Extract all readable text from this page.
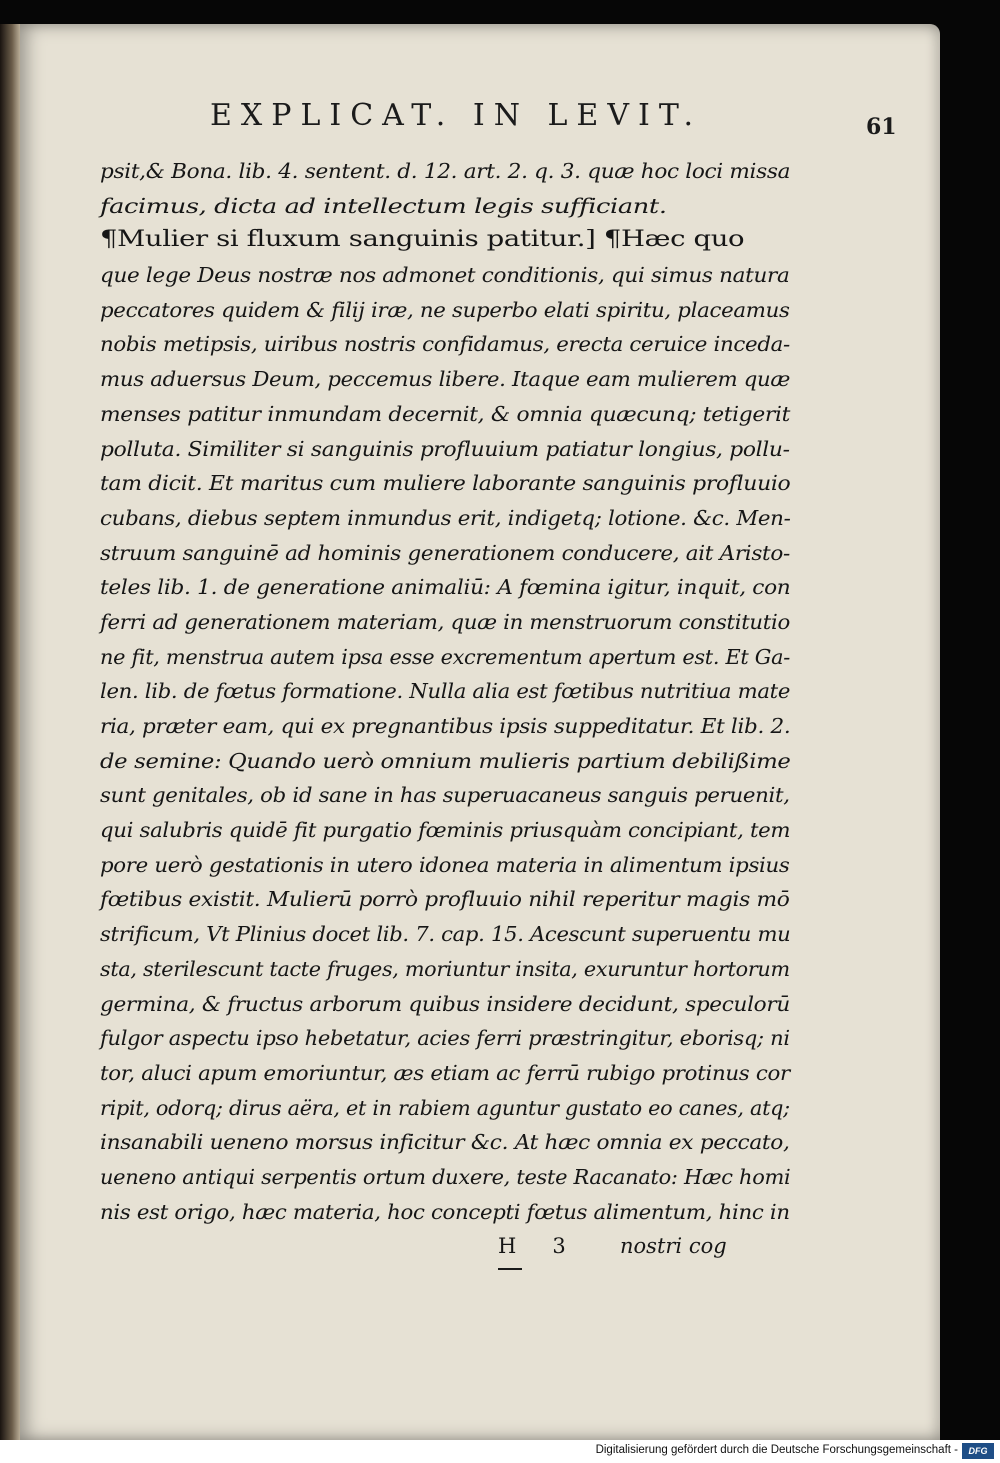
EXPLICAT. IN LEVIT.	61
psit,& Bona. lib. 4. sentent. d. 12. art. 2. q. 3. quæ hoc loci missa
facimus, dicta ad intellectum legis sufficiant.
¶Mulier si fluxum sanguinis patitur.] ¶Hæc quo
que lege Deus nostræ nos admonet conditionis, qui simus natura
peccatores quidem & filij iræ, ne superbo elati spiritu, placeamus
nobis metipsis, uiribus nostris confidamus, erecta ceruice inceda-
mus aduersus Deum, peccemus libere. Itaque eam mulierem quæ
menses patitur inmundam decernit, & omnia quæcunq; tetigerit
polluta. Similiter si sanguinis profluuium patiatur longius, pollu-
tam dicit. Et maritus cum muliere laborante sanguinis profluuio
cubans, diebus septem inmundus erit, indigetq; lotione. &c. Men-
struum sanguinē ad hominis generationem conducere, ait Aristo-
teles lib. 1. de generatione animaliū: A fœmina igitur, inquit, con
ferri ad generationem materiam, quæ in menstruorum constitutio
ne fit, menstrua autem ipsa esse excrementum apertum est. Et Ga-
len. lib. de fœtus formatione. Nulla alia est fœtibus nutritiua mate
ria, præter eam, qui ex pregnantibus ipsis suppeditatur. Et lib. 2.
de semine: Quando uerò omnium mulieris partium debilißime
sunt genitales, ob id sane in has superuacaneus sanguis peruenit,
qui salubris quidē fit purgatio fœminis priusquàm concipiant, tem
pore uerò gestationis in utero idonea materia in alimentum ipsius
fœtibus existit. Mulierū porrò profluuio nihil reperitur magis mō
strificum, Vt Plinius docet lib. 7. cap. 15. Acescunt superuentu mu
sta, sterilescunt tacte fruges, moriuntur insita, exuruntur hortorum
germina, & fructus arborum quibus insidere decidunt, speculorū
fulgor aspectu ipso hebetatur, acies ferri præstringitur, eborisq; ni
tor, aluci apum emoriuntur, æs etiam ac ferrū rubigo protinus cor
ripit, odorq; dirus aëra, et in rabiem aguntur gustato eo canes, atq;
insanabili ueneno morsus inficitur &c. At hæc omnia ex peccato,
ueneno antiqui serpentis ortum duxere, teste Racanato: Hæc homi
nis est origo, hæc materia, hoc concepti fœtus alimentum, hinc in
H 3	nostri cog
Digitalisierung gefördert durch die Deutsche Forschungsgemeinschaft -	DFG
